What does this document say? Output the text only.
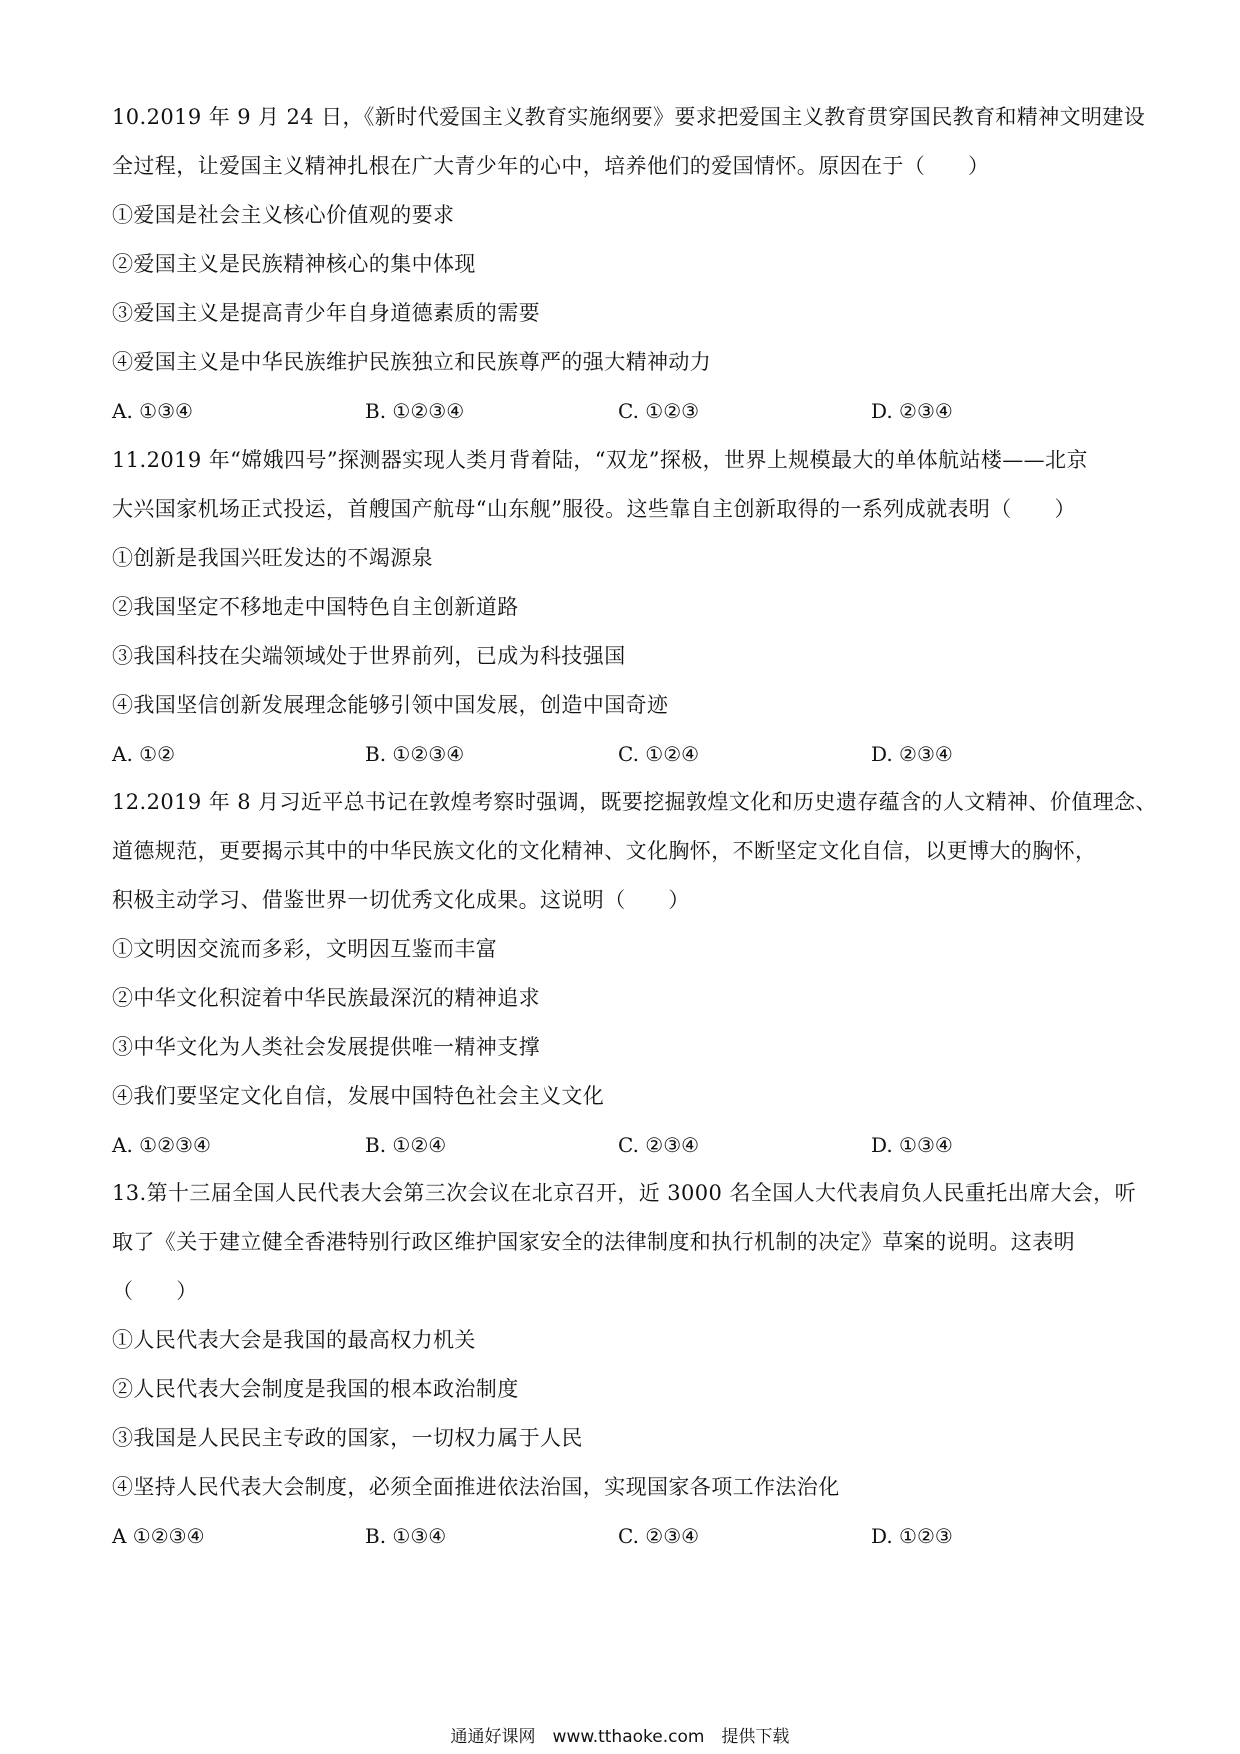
10.2019 年 9 月 24 日，《新时代爱国主义教育实施纲要》要求把爱国主义教育贯穿国民教育和精神文明建设
全过程，让爱国主义精神扎根在广大青少年的心中，培养他们的爱国情怀。原因在于（　　）
①爱国是社会主义核心价值观的要求
②爱国主义是民族精神核心的集中体现
③爱国主义是提高青少年自身道德素质的需要
④爱国主义是中华民族维护民族独立和民族尊严的强大精神动力
A. ①③④	B. ①②③④	C. ①②③	D. ②③④
11.2019 年“嫦娥四号”探测器实现人类月背着陆，“双龙”探极，世界上规模最大的单体航站楼——北京
大兴国家机场正式投运，首艘国产航母“山东舰”服役。这些靠自主创新取得的一系列成就表明（　　）
①创新是我国兴旺发达的不竭源泉
②我国坚定不移地走中国特色自主创新道路
③我国科技在尖端领域处于世界前列，已成为科技强国
④我国坚信创新发展理念能够引领中国发展，创造中国奇迹
A. ①②	B. ①②③④	C. ①②④	D. ②③④
12.2019 年 8 月习近平总书记在敦煌考察时强调，既要挖掘敦煌文化和历史遗存蕴含的人文精神、价值理念、
道德规范，更要揭示其中的中华民族文化的文化精神、文化胸怀，不断坚定文化自信，以更博大的胸怀，
积极主动学习、借鉴世界一切优秀文化成果。这说明（　　）
①文明因交流而多彩，文明因互鉴而丰富
②中华文化积淀着中华民族最深沉的精神追求
③中华文化为人类社会发展提供唯一精神支撑
④我们要坚定文化自信，发展中国特色社会主义文化
A. ①②③④	B. ①②④	C. ②③④	D. ①③④
13.第十三届全国人民代表大会第三次会议在北京召开，近 3000 名全国人大代表肩负人民重托出席大会，听
取了《关于建立健全香港特别行政区维护国家安全的法律制度和执行机制的决定》草案的说明。这表明
（　　）
①人民代表大会是我国的最高权力机关
②人民代表大会制度是我国的根本政治制度
③我国是人民民主专政的国家，一切权力属于人民
④坚持人民代表大会制度，必须全面推进依法治国，实现国家各项工作法治化
A ①②③④	B. ①③④	C. ②③④	D. ①②③
通通好课网　www.tthaoke.com　提供下载
